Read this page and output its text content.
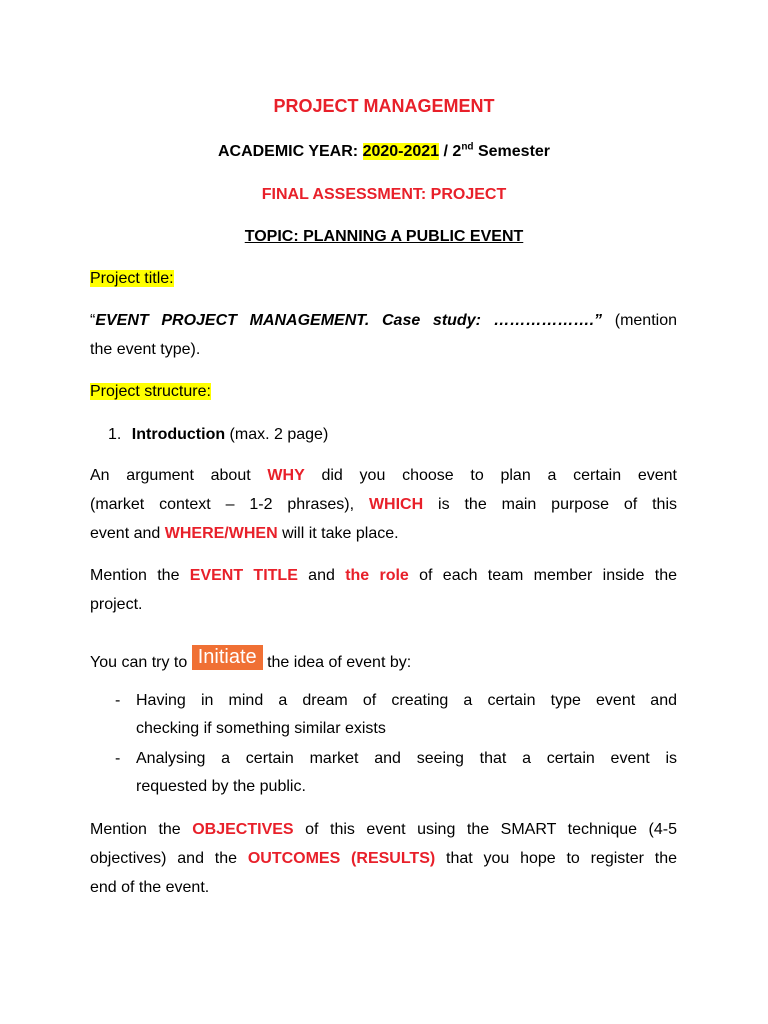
PROJECT MANAGEMENT
ACADEMIC YEAR: 2020-2021 / 2nd Semester
FINAL ASSESSMENT: PROJECT
TOPIC: PLANNING A PUBLIC EVENT
Project title:
“EVENT PROJECT MANAGEMENT. Case study: ……………….” (mention
the event type).
Project structure:
1. Introduction (max. 2 page)
An argument about WHY did you choose to plan a certain event
(market context – 1-2 phrases), WHICH is the main purpose of this
event and WHERE/WHEN will it take place.
Mention the EVENT TITLE and the role of each team member inside the
project.
You can try to Initiate the idea of event by:
- Having in mind a dream of creating a certain type event and
checking if something similar exists
- Analysing a certain market and seeing that a certain event is
requested by the public.
Mention the OBJECTIVES of this event using the SMART technique (4-5
objectives) and the OUTCOMES (RESULTS) that you hope to register the
end of the event.
